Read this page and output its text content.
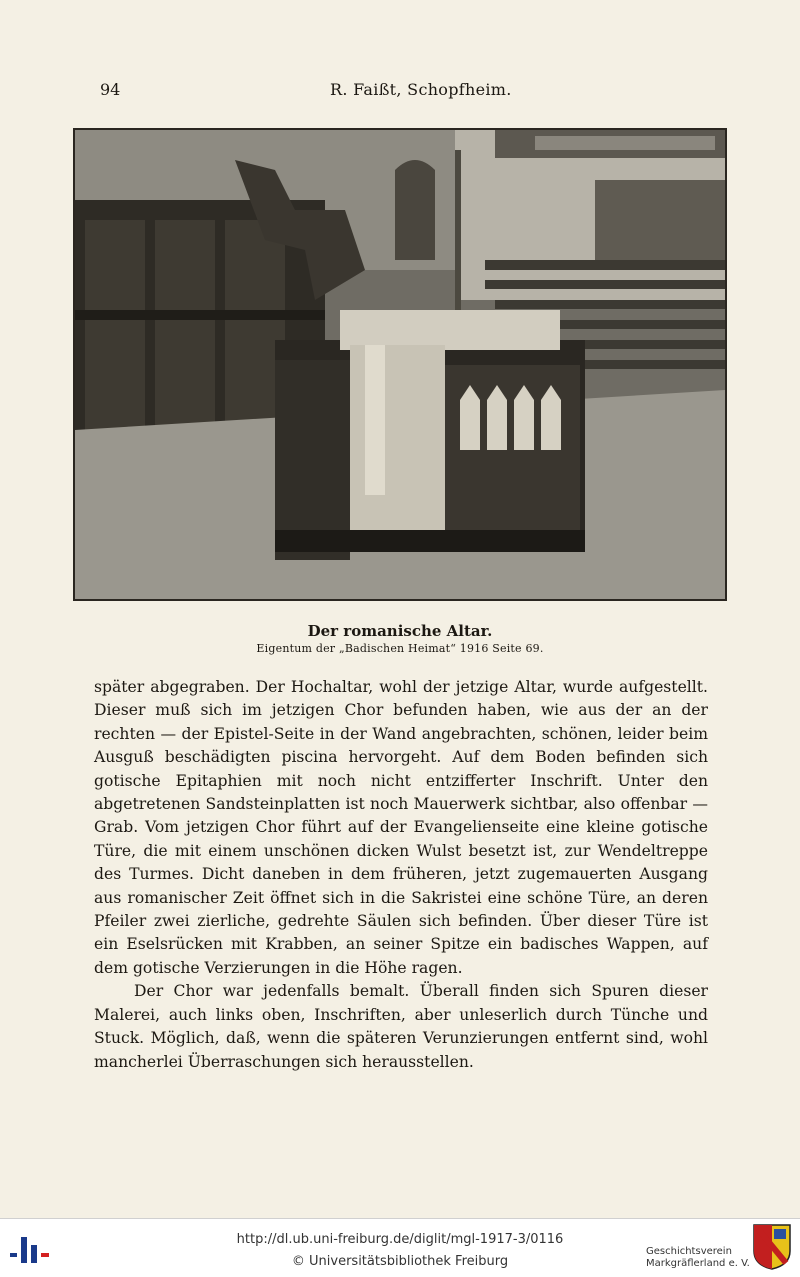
94	R. Faißt, Schopfheim.
Der romanische Altar.
Eigentum der „Badischen Heimat“ 1916 Seite 69.

später abgegraben. Der Hochaltar, wohl der jetzige Altar, wurde aufgestellt. Dieser muß sich im jetzigen Chor befunden haben, wie aus der an der rechten — der Epistel-Seite in der Wand angebrachten, schönen, leider beim Ausguß beschädigten piscina hervorgeht. Auf dem Boden befinden sich gotische Epitaphien mit noch nicht entzifferter Inschrift. Unter den abgetretenen Sandsteinplatten ist noch Mauerwerk sichtbar, also offenbar — Grab. Vom jetzigen Chor führt auf der Evangelienseite eine kleine gotische Türe, die mit einem unschönen dicken Wulst besetzt ist, zur Wendeltreppe des Turmes. Dicht daneben in dem früheren, jetzt zugemauerten Ausgang aus romanischer Zeit öffnet sich in die Sakristei eine schöne Türe, an deren Pfeiler zwei zierliche, gedrehte Säulen sich befinden. Über dieser Türe ist ein Eselsrücken mit Krabben, an seiner Spitze ein badisches Wappen, auf dem gotische Verzierungen in die Höhe ragen.

Der Chor war jedenfalls bemalt. Überall finden sich Spuren dieser Malerei, auch links oben, Inschriften, aber unleserlich durch Tünche und Stuck. Möglich, daß, wenn die späteren Verunzierungen entfernt sind, wohl mancherlei Überraschungen sich herausstellen.

http://dl.ub.uni-freiburg.de/diglit/mgl-1917-3/0116
© Universitätsbibliothek Freiburg
Geschichtsverein
Markgräflerland e. V.
